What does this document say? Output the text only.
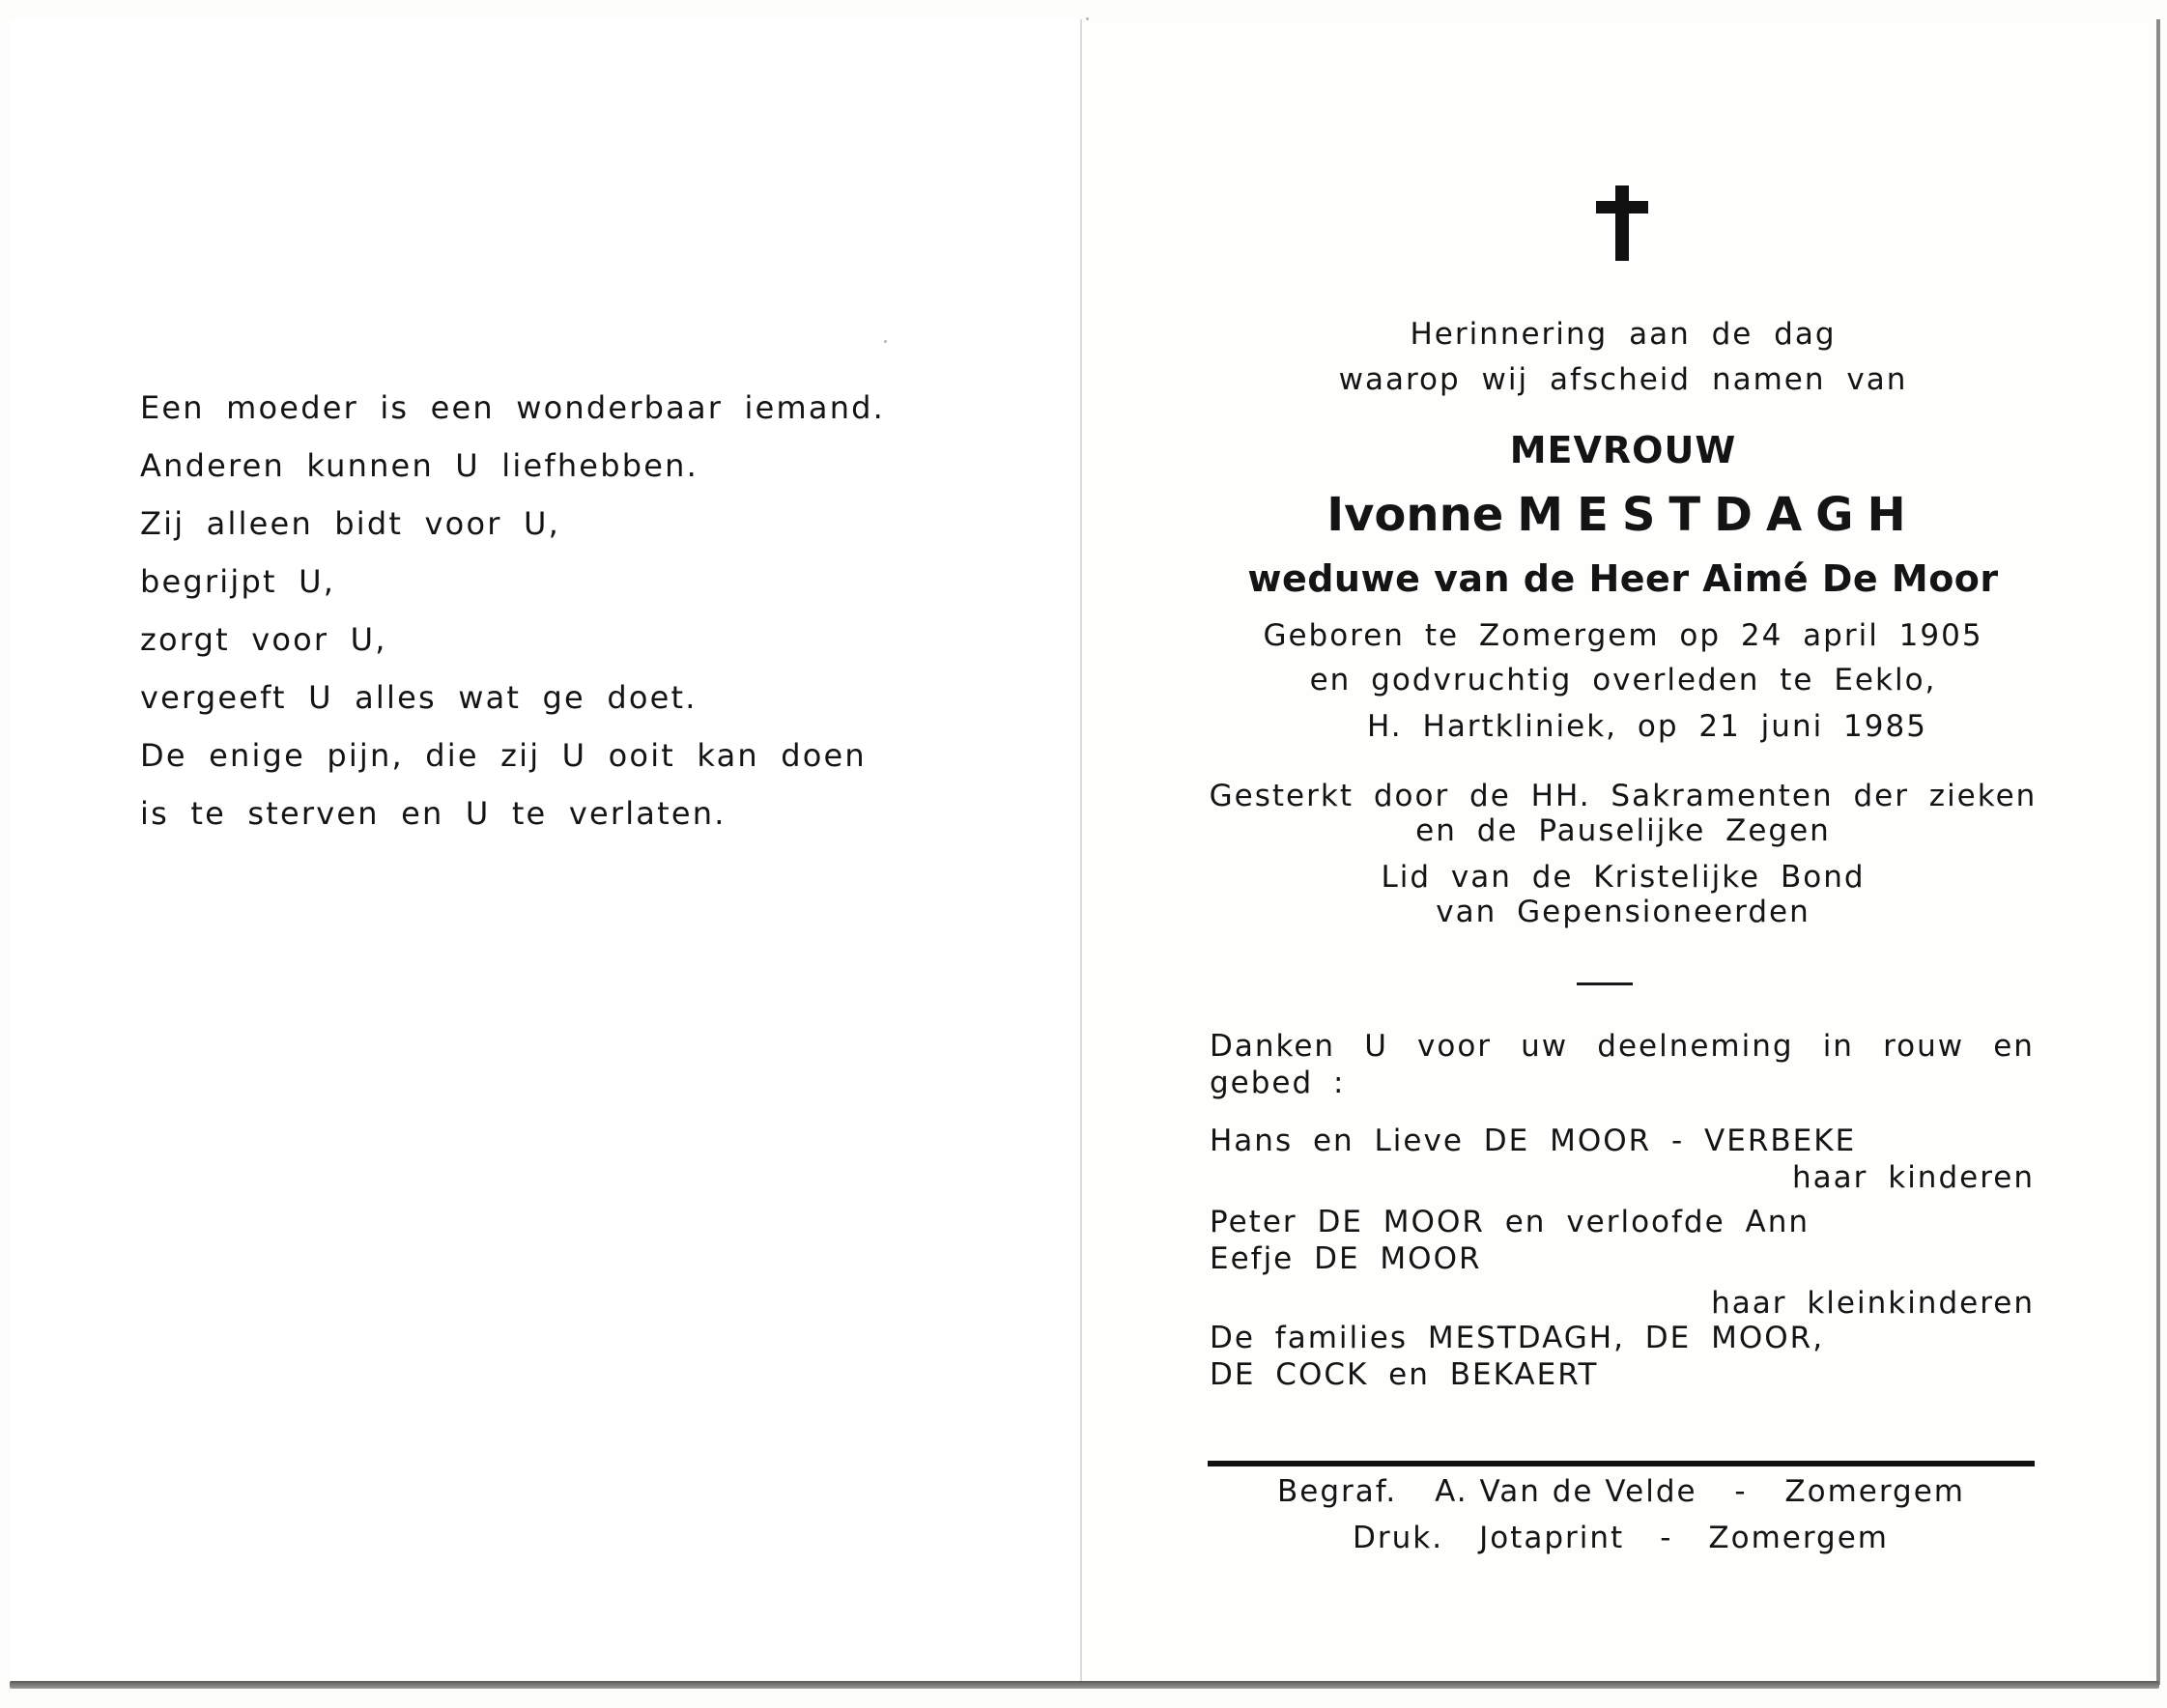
Een moeder is een wonderbaar iemand.
Anderen kunnen U liefhebben.
Zij alleen bidt voor U,
begrijpt U,
zorgt voor U,
vergeeft U alles wat ge doet.
De enige pijn, die zij U ooit kan doen
is te sterven en U te verlaten.
Herinnering aan de dag
waarop wij afscheid namen van
MEVROUW
Ivonne MESTDAGH
weduwe van de Heer Aimé De Moor
Geboren te Zomergem op 24 april 1905
en godvruchtig overleden te Eeklo,
H. Hartkliniek, op 21 juni 1985
Gesterkt door de HH. Sakramenten der zieken
en de Pauselijke Zegen
Lid van de Kristelijke Bond
van Gepensioneerden
Danken U voor uw deelneming in rouw en
gebed :
Hans en Lieve DE MOOR - VERBEKE
haar kinderen
Peter DE MOOR en verloofde Ann
Eefje DE MOOR
haar kleinkinderen
De families MESTDAGH, DE MOOR,
DE COCK en BEKAERT
Begraf. A. Van de Velde - Zomergem
Druk. Jotaprint - Zomergem
